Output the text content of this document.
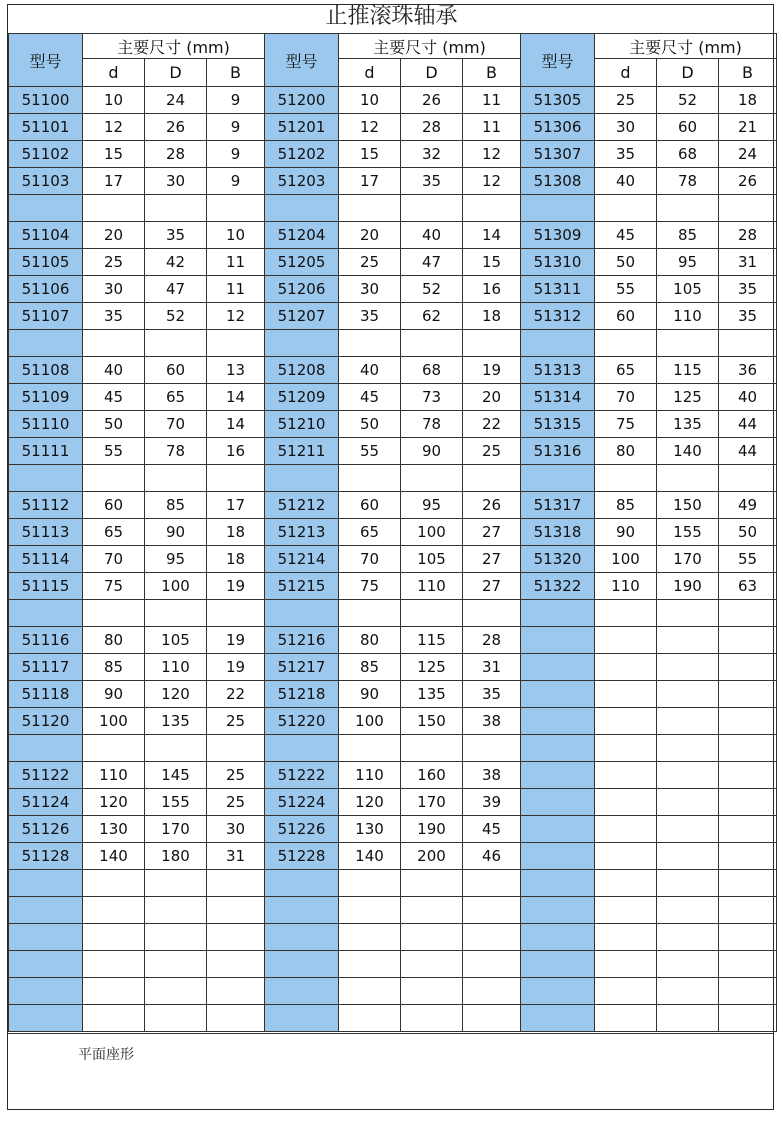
止推滚珠轴承
型号	主要尺寸 (mm)		
	d	D	B
51100	10	24	9
51101	12	26	9
51102	15	28	9
51103	17	30	9

51104	20	35	10
51105	25	42	11
51106	30	47	11
51107	35	52	12

51108	40	60	13
51109	45	65	14
51110	50	70	14
51111	55	78	16

51112	60	85	17
51113	65	90	18
51114	70	95	18
51115	75	100	19

51116	80	105	19
51117	85	110	19
51118	90	120	22
51120	100	135	25

51122	110	145	25
51124	120	155	25
51126	130	170	30
51128	140	180	31

型号	主要尺寸 (mm)		
	d	D	B
51200	10	26	11
51201	12	28	11
51202	15	32	12
51203	17	35	12

51204	20	40	14
51205	25	47	15
51206	30	52	16
51207	35	62	18

51208	40	68	19
51209	45	73	20
51210	50	78	22
51211	55	90	25

51212	60	95	26
51213	65	100	27
51214	70	105	27
51215	75	110	27

51216	80	115	28
51217	85	125	31
51218	90	135	35
51220	100	150	38

51222	110	160	38
51224	120	170	39
51226	130	190	45
51228	140	200	46

型号	主要尺寸 (mm)		
	d	D	B
51305	25	52	18
51306	30	60	21
51307	35	68	24
51308	40	78	26

51309	45	85	28
51310	50	95	31
51311	55	105	35
51312	60	110	35

51313	65	115	36
51314	70	125	40
51315	75	135	44
51316	80	140	44

51317	85	150	49
51318	90	155	50
51320	100	170	55
51322	110	190	63

平面座形
